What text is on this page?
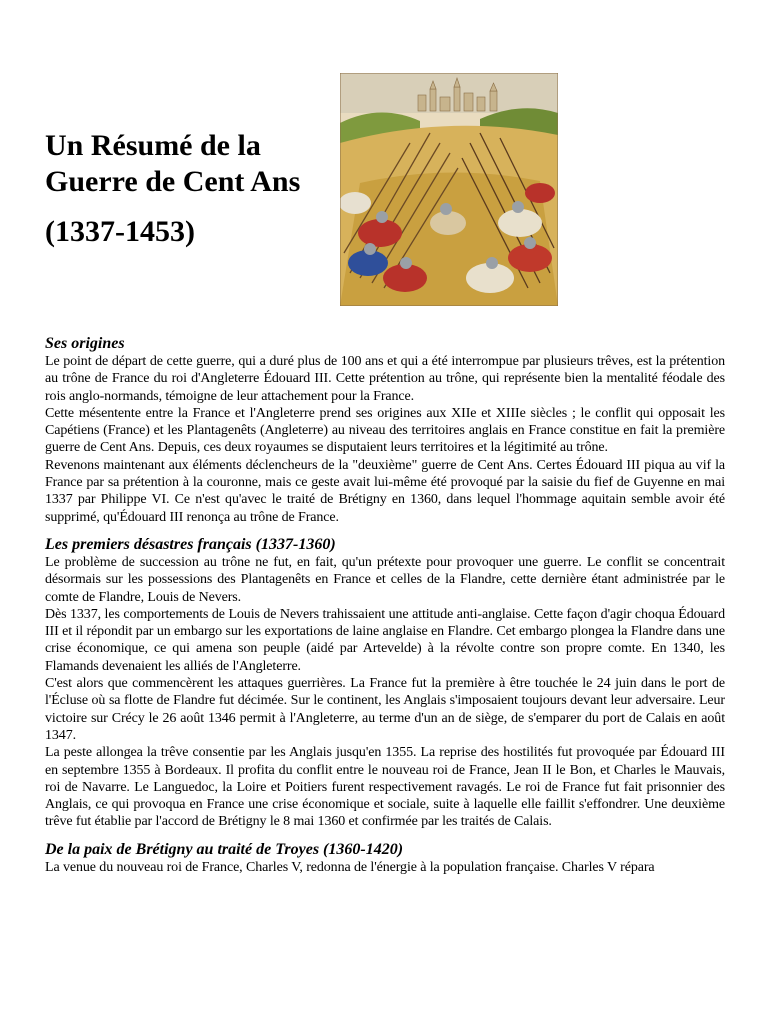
Un Résumé de la
Guerre de Cent Ans
(1337-1453)
Ses origines

Le point de départ de cette guerre, qui a duré plus de 100 ans et qui a été interrompue par plusieurs trêves, est la prétention au trône de France du roi d'Angleterre Édouard III. Cette prétention au trône, qui représente bien la mentalité féodale des rois anglo-normands, témoigne de leur attachement pour la France.

Cette mésentente entre la France et l'Angleterre prend ses origines aux XIIe et XIIIe siècles ; le conflit qui opposait les Capétiens (France) et les Plantagenêts (Angleterre) au niveau des territoires anglais en France constitue en fait la première guerre de Cent Ans. Depuis, ces deux royaumes se disputaient leurs territoires et la légitimité au trône.

Revenons maintenant aux éléments déclencheurs de la "deuxième" guerre de Cent Ans. Certes Édouard III piqua au vif la France par sa prétention à la couronne, mais ce geste avait lui-même été provoqué par la saisie du fief de Guyenne en mai 1337 par Philippe VI. Ce n'est qu'avec le traité de Brétigny en 1360, dans lequel l'hommage aquitain semble avoir été supprimé, qu'Édouard III renonça au trône de France.

Les premiers désastres français (1337-1360)

Le problème de succession au trône ne fut, en fait, qu'un prétexte pour provoquer une guerre. Le conflit se concentrait désormais sur les possessions des Plantagenêts en France et celles de la Flandre, cette dernière étant administrée par le comte de Flandre, Louis de Nevers.

Dès 1337, les comportements de Louis de Nevers trahissaient une attitude anti-anglaise. Cette façon d'agir choqua Édouard III et il répondit par un embargo sur les exportations de laine anglaise en Flandre. Cet embargo plongea la Flandre dans une crise économique, ce qui amena son peuple (aidé par Artevelde) à la révolte contre son propre comte. En 1340, les Flamands devenaient les alliés de l'Angleterre.

C'est alors que commencèrent les attaques guerrières. La France fut la première à être touchée le 24 juin dans le port de l'Écluse où sa flotte de Flandre fut décimée. Sur le continent, les Anglais s'imposaient toujours devant leur adversaire. Leur victoire sur Crécy le 26 août 1346 permit à l'Angleterre, au terme d'un an de siège, de s'emparer du port de Calais en août 1347.

La peste allongea la trêve consentie par les Anglais jusqu'en 1355. La reprise des hostilités fut provoquée par Édouard III en septembre 1355 à Bordeaux. Il profita du conflit entre le nouveau roi de France, Jean II le Bon, et Charles le Mauvais, roi de Navarre. Le Languedoc, la Loire et Poitiers furent respectivement ravagés. Le roi de France fut fait prisonnier des Anglais, ce qui provoqua en France une crise économique et sociale, suite à laquelle elle faillit s'effondrer. Une deuxième trêve fut établie par l'accord de Brétigny le 8 mai 1360 et confirmée par les traités de Calais.

De la paix de Brétigny au traité de Troyes (1360-1420)

La venue du nouveau roi de France, Charles V, redonna de l'énergie à la population française. Charles V répara
